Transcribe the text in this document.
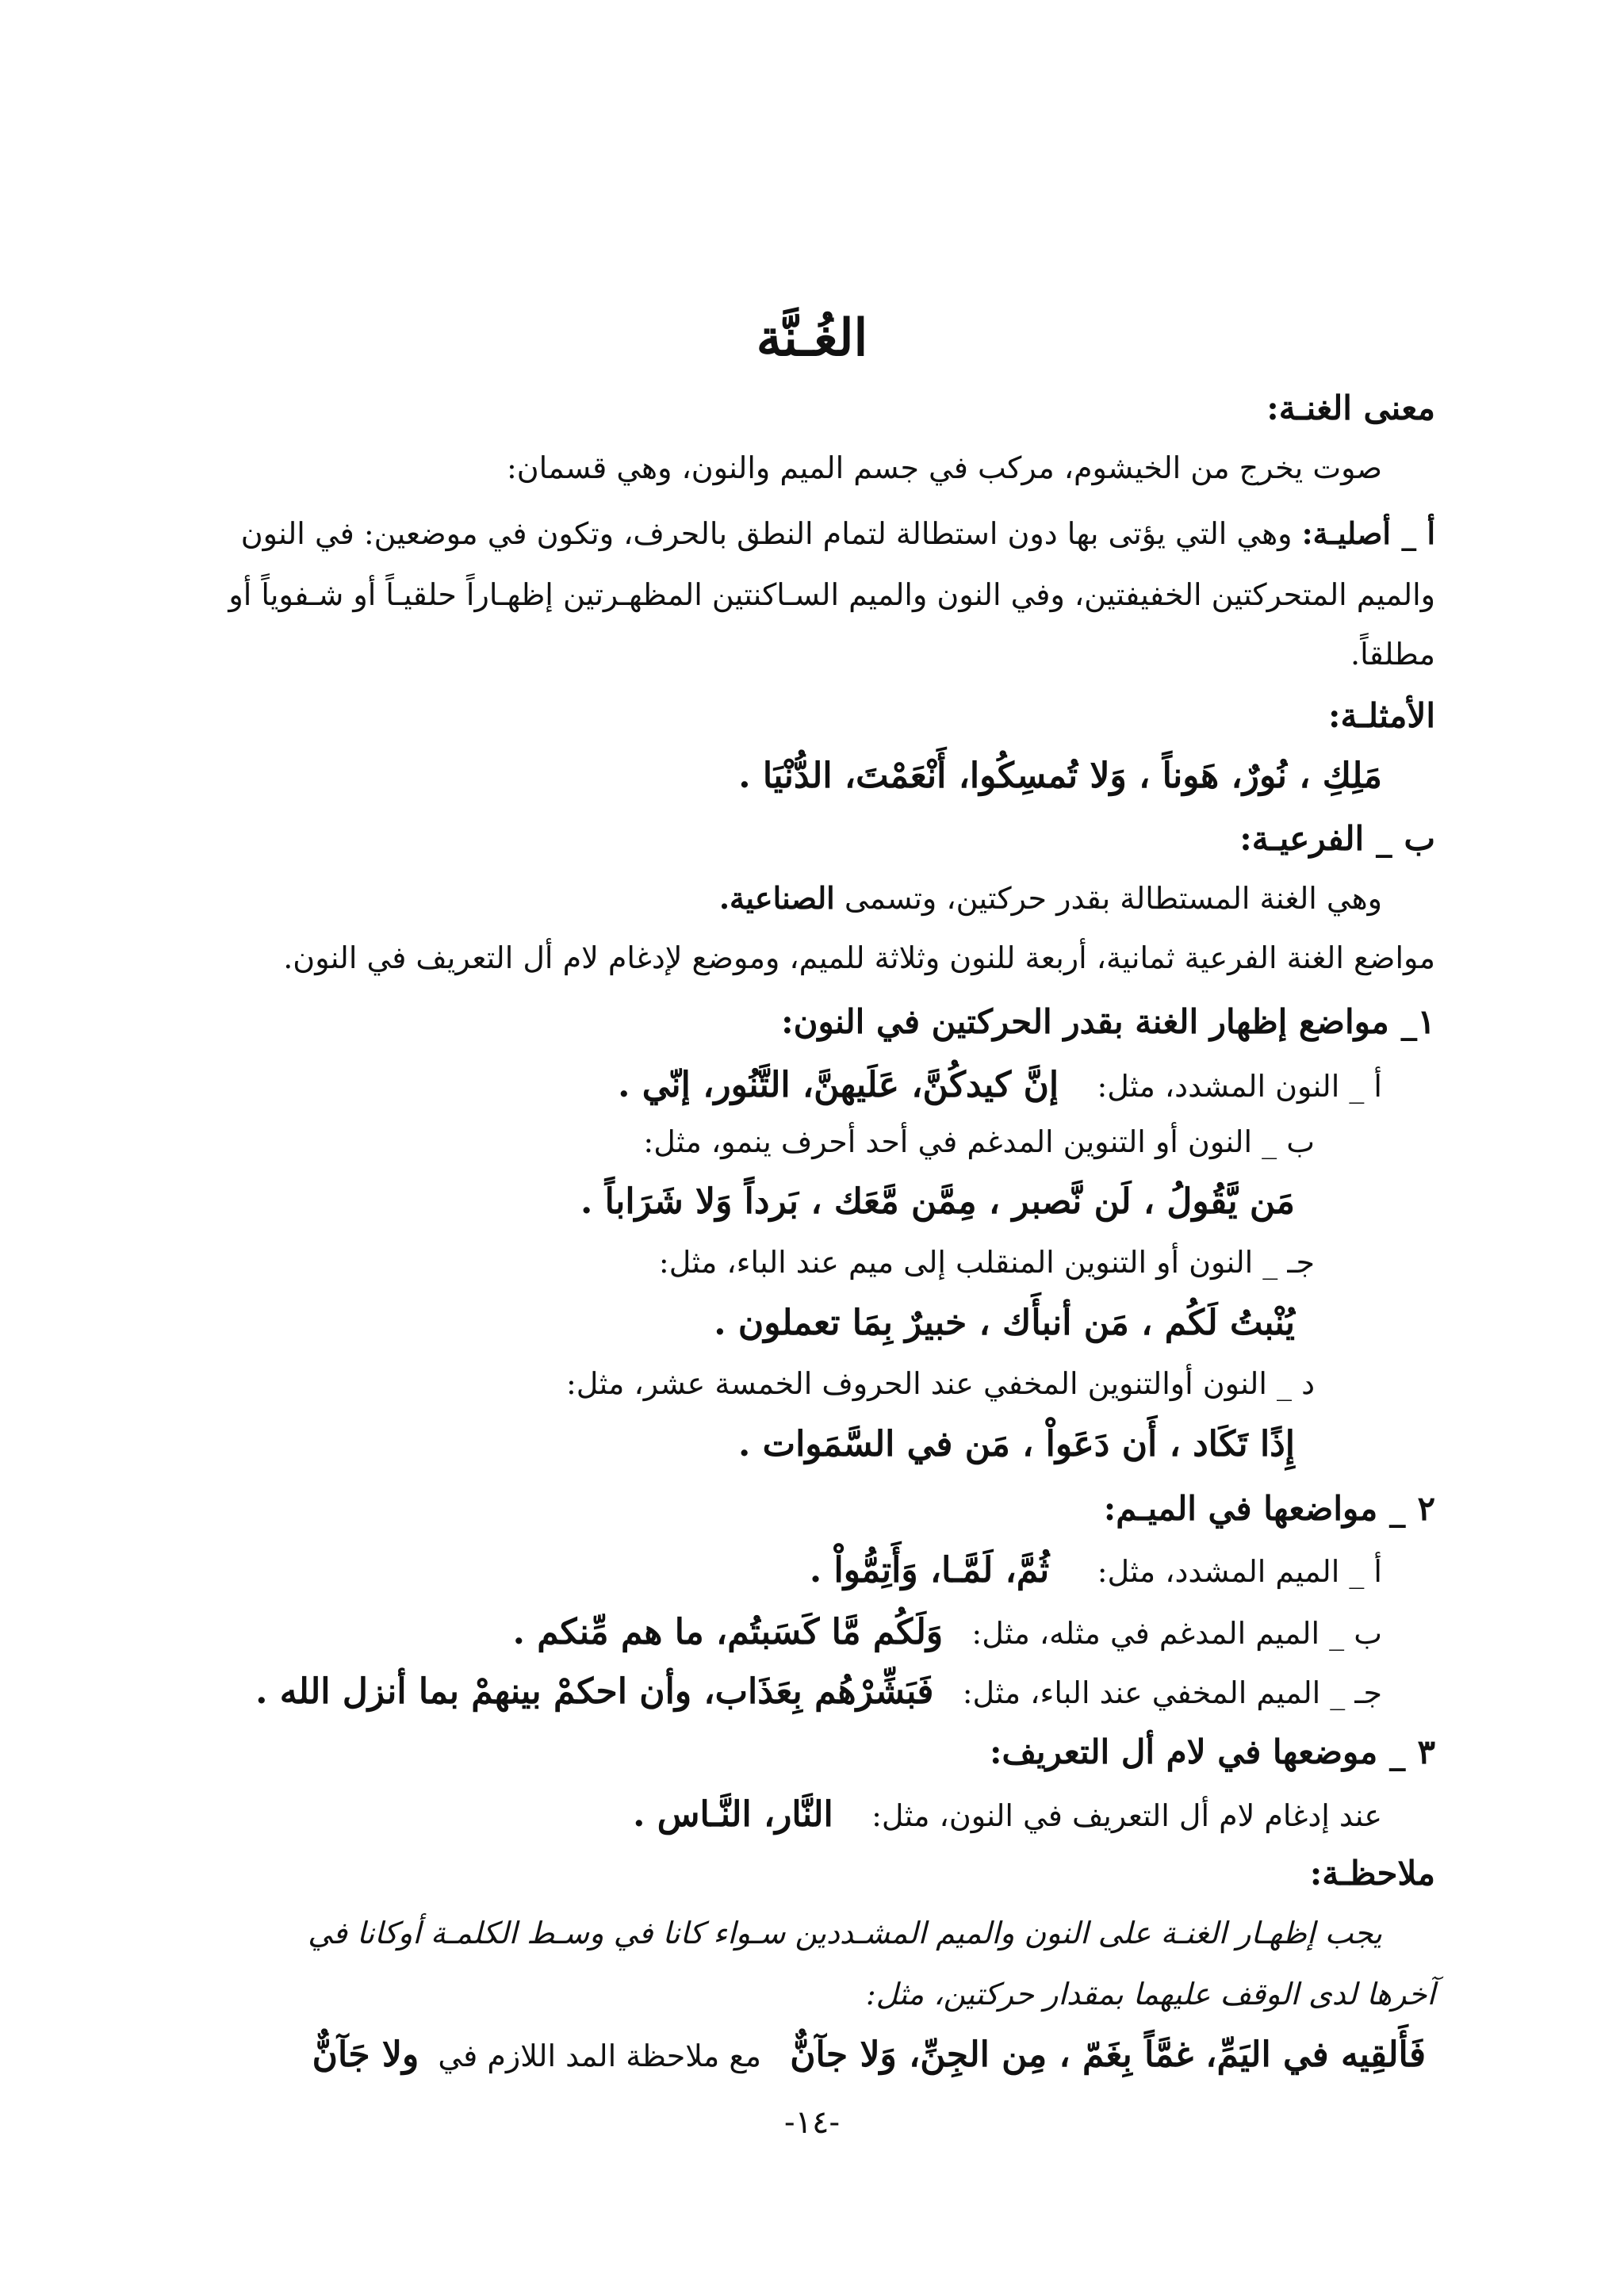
الغُـنَّة
معنى الغنـة:
صوت يخرج من الخيشوم، مركب في جسم الميم والنون، وهي قسمان:
أ _ أصليـة: وهي التي يؤتى بها دون استطالة لتمام النطق بالحرف، وتكون في موضعين: في النون
والميم المتحركتين الخفيفتين، وفي النون والميم السـاكنتين المظهـرتين إظهـاراً حلقيـاً أو شـفوياً أو
مطلقاً.
الأمثلـة:
مَلِكِ ، نُورٌ، هَوناً ، وَلا تُمسِكُوا، أَنْعَمْتَ، الدُّنْيَا .
ب _ الفرعيـة:
وهي الغنة المستطالة بقدر حركتين، وتسمى الصناعية.
مواضع الغنة الفرعية ثمانية، أربعة للنون وثلاثة للميم، وموضع لإدغام لام أل التعريف في النون.
١_ مواضع إظهار الغنة بقدر الحركتين في النون:
أ _ النون المشدد، مثل:    إنَّ كيدكُنَّ، عَلَيهنَّ، التَّنُور، إنّي .
ب _ النون أو التنوين المدغم في أحد أحرف ينمو، مثل:
مَن يَّقُولُ ، لَن نَّصبر ، مِمَّن مَّعَك ، بَرداً وَلا شَرَاباً .
جـ _ النون أو التنوين المنقلب إلى ميم عند الباء، مثل:
يُنْبتُ لَكُم ، مَن أنبأَك ، خبيرٌ بِمَا تعملون .
د _ النون أوالتنوين المخفي عند الحروف الخمسة عشر، مثل:
إِذًا تَكَاد ، أَن دَعَواْ ، مَن في السَّمَوات .
٢ _ مواضعها في الميـم:
أ _ الميم المشدد، مثل:     ثُمَّ، لَمَّـا، وَأَتِمُّواْ .
ب _ الميم المدغم في مثله، مثل:   وَلَكُم مَّا كَسَبتُم، ما هم مِّنكم .
جـ _ الميم المخفي عند الباء، مثل:   فَبَشِّرْهُم بِعَذَاب، وأن احكمْ بينهمْ بما أنزل الله .
٣ _ موضعها في لام أل التعريف:
عند إدغام لام أل التعريف في النون، مثل:    النَّار، النَّـاس .
ملاحظـة:
يجب إظهـار الغنـة على النون والميم المشـددين سـواء كانا في وسـط الكلمـة أوكانا في
آخرها لدى الوقف عليهما بمقدار حركتين، مثل:
فَأَلقِيه في اليَمِّ، غمَّاً بِغَمّ ، مِن الجِنِّ، وَلا جآنٌّ   مع ملاحظة المد اللازم في  ولا جَآنٌّ
-١٤-
